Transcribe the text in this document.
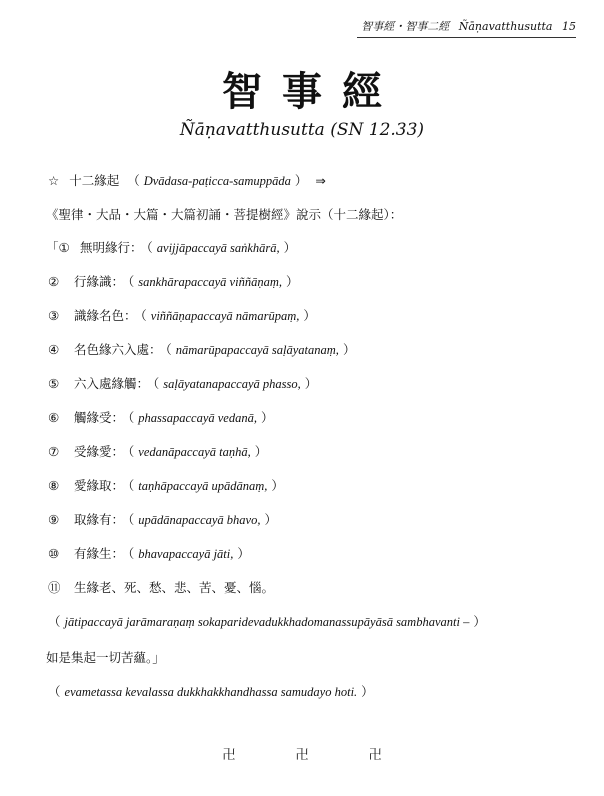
智事經・智事二經 Ñāṇavatthusutta 15
智事經
Ñāṇavatthusutta (SN 12.33)
☆ 十二緣起 （ Dvādasa-paṭicca-samuppāda ） ⇒
《聖律・大品・大篇・大篇初誦・菩提樹經》說示（十二緣起）：
「① 無明緣行： （ avijjāpaccayā saṅkhārā, ）
② 行緣識： （ sankhārapaccayā viññāṇaṃ, ）
③ 識緣名色： （ viññāṇapaccayā nāmarūpaṃ, ）
④ 名色緣六入處： （ nāmarūpapaccayā saḷāyatanaṃ, ）
⑤ 六入處緣觸： （ saḷāyatanapaccayā phasso, ）
⑥ 觸緣受： （ phassapaccayā vedanā, ）
⑦ 受緣愛： （ vedanāpaccayā taṇhā, ）
⑧ 愛緣取： （ taṇhāpaccayā upādānaṃ, ）
⑨ 取緣有： （ upādānapaccayā bhavo, ）
⑩ 有緣生： （ bhavapaccayā jāti, ）
⑪ 生緣老、死、愁、悲、苦、憂、惱。
（ jātipaccayā jarāmaraṇaṃ sokaparidevadukkhadomanassupāyāsā sambhavanti – ）
如是集起一切苦蘊。」
（ evametassa kevalassa dukkhakkhandhassa samudayo hoti. ）
卍	卍	卍
